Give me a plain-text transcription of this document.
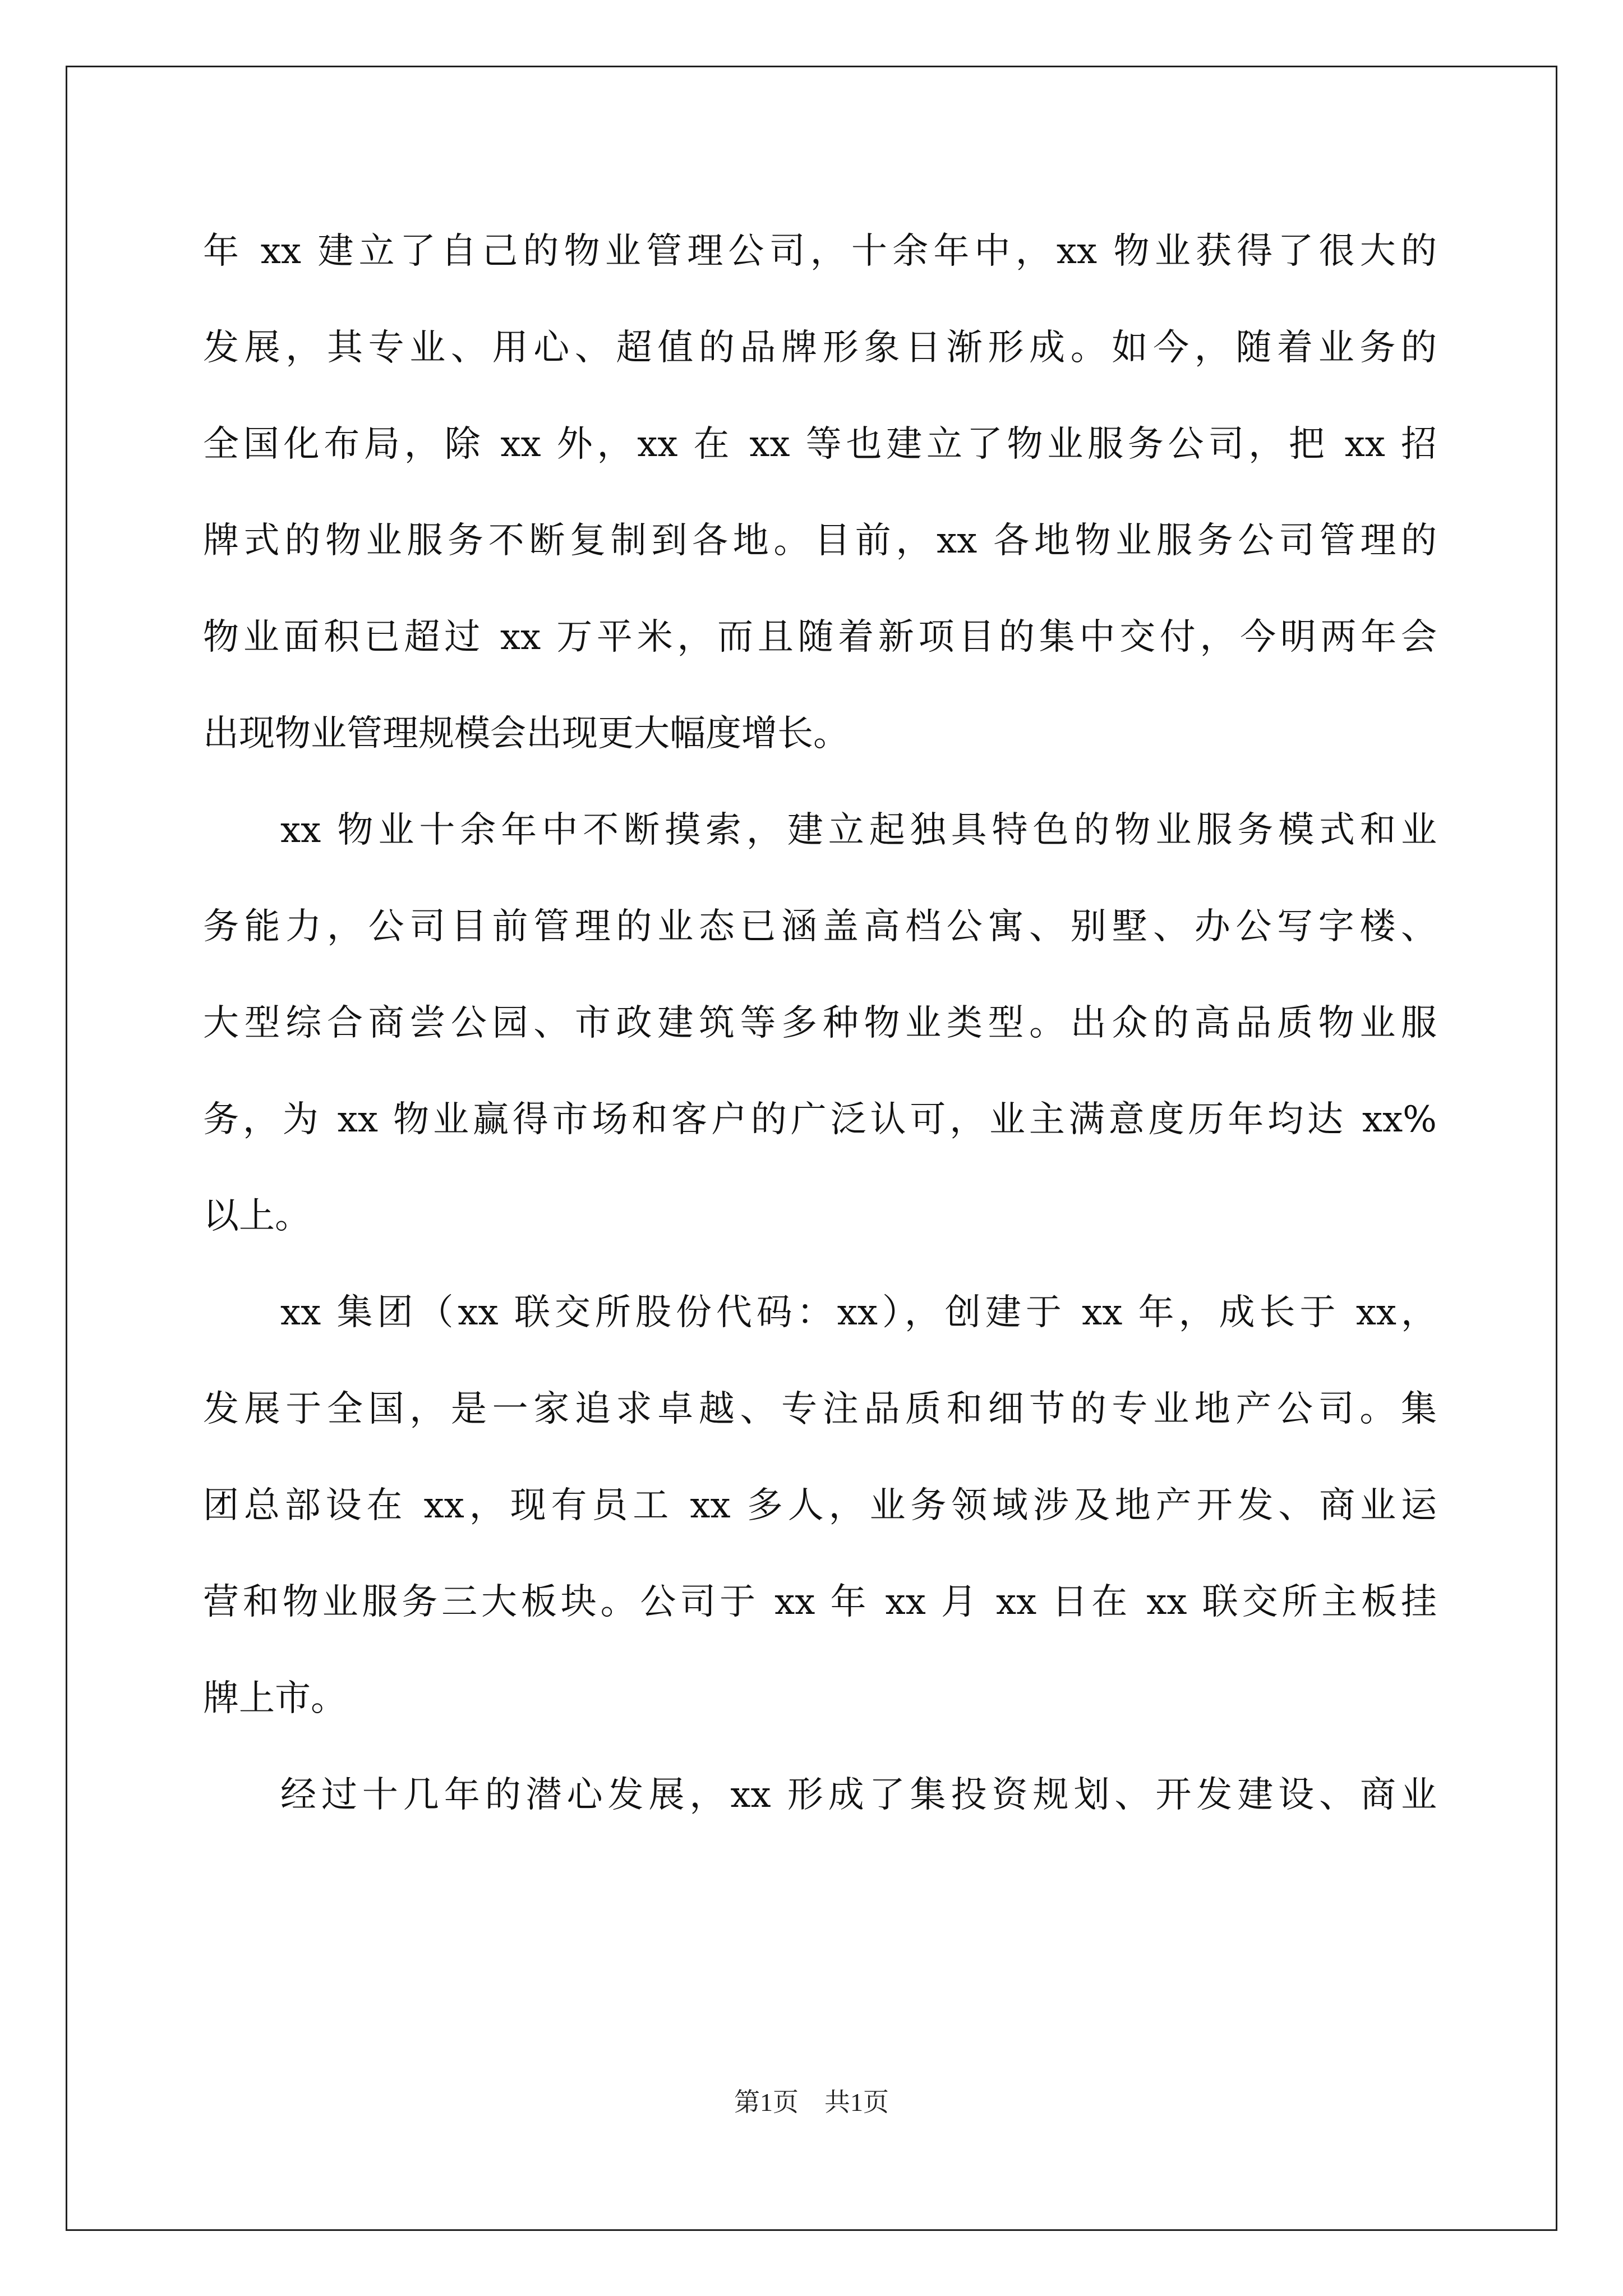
年 xx 建立了自己的物业管理公司，十余年中，xx 物业获得了很大的
发展，其专业、用心、超值的品牌形象日渐形成。如今，随着业务的
全国化布局，除 xx 外，xx 在 xx 等也建立了物业服务公司，把 xx 招
牌式的物业服务不断复制到各地。目前，xx 各地物业服务公司管理的
物业面积已超过 xx 万平米，而且随着新项目的集中交付，今明两年会
出现物业管理规模会出现更大幅度增长。
xx 物业十余年中不断摸索，建立起独具特色的物业服务模式和业
务能力，公司目前管理的业态已涵盖高档公寓、别墅、办公写字楼、
大型综合商尝公园、市政建筑等多种物业类型。出众的高品质物业服
务，为 xx 物业赢得市场和客户的广泛认可，业主满意度历年均达 xx%
以上。
xx 集团（xx 联交所股份代码：xx），创建于 xx 年，成长于 xx，
发展于全国，是一家追求卓越、专注品质和细节的专业地产公司。集
团总部设在 xx，现有员工 xx 多人，业务领域涉及地产开发、商业运
营和物业服务三大板块。公司于 xx 年 xx 月 xx 日在 xx 联交所主板挂
牌上市。
经过十几年的潜心发展，xx 形成了集投资规划、开发建设、商业
第1页 共1页
